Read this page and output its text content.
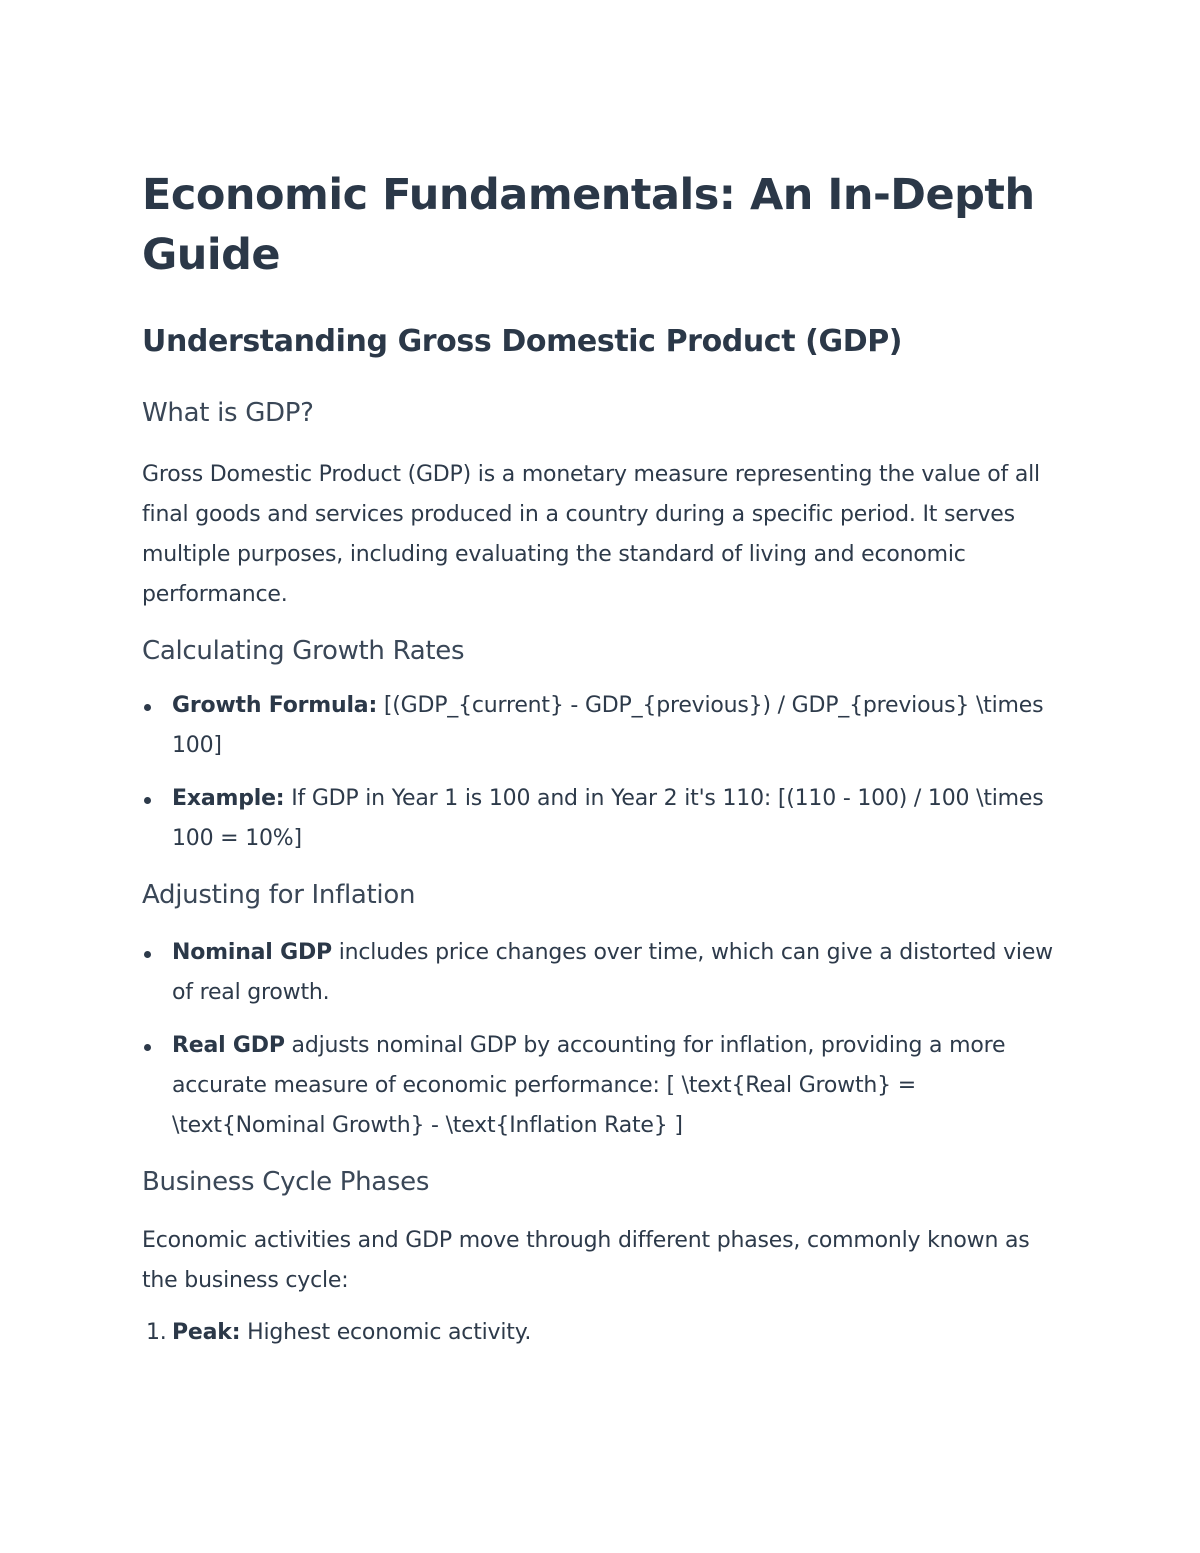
Economic Fundamentals: An In-Depth Guide
Understanding Gross Domestic Product (GDP)
What is GDP?

Gross Domestic Product (GDP) is a monetary measure representing the value of all final goods and services produced in a country during a specific period. It serves multiple purposes, including evaluating the standard of living and economic performance.

Calculating Growth Rates
Growth Formula: [(GDP_{current} - GDP_{previous}) / GDP_{previous} \times 100]
Example: If GDP in Year 1 is 100 and in Year 2 it's 110: [(110 - 100) / 100 \times 100 = 10%]
Adjusting for Inflation
Nominal GDP includes price changes over time, which can give a distorted view of real growth.
Real GDP adjusts nominal GDP by accounting for inflation, providing a more accurate measure of economic performance: [ \text{Real Growth} = \text{Nominal Growth} - \text{Inflation Rate} ]
Business Cycle Phases

Economic activities and GDP move through different phases, commonly known as the business cycle:

1. Peak: Highest economic activity.
